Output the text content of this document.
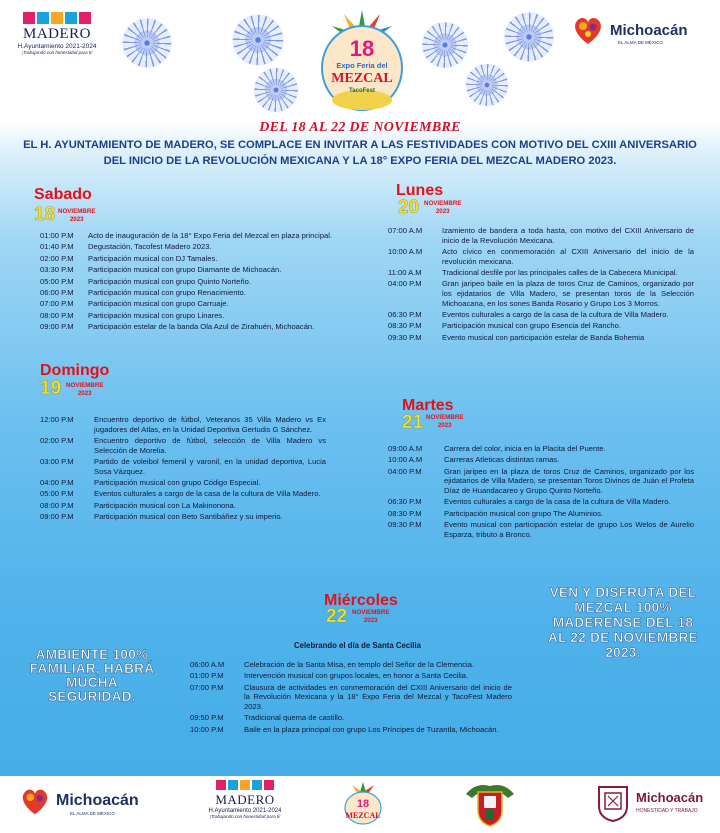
MADERO
H.Ayuntamiento 2021-2024
¡Trabajando con honestidad para ti!	18
Expo Feria del
MEZCAL
TacoFest
Michoacán
EL ALMA DE MÉXICO
DEL 18 AL 22 DE NOVIEMBRE
EL H. AYUNTAMIENTO DE MADERO, SE COMPLACE EN INVITAR A LAS FESTIVIDADES CON MOTIVO DEL CXIII ANIVERSARIO DEL INICIO DE LA REVOLUCIÓN MEXICANA Y LA 18° EXPO FERIA DEL MEZCAL MADERO 2023.
Sabado
18 NOVIEMBRE
2023
01:00 P.M	Acto de inauguración de la 18° Expo Feria del Mezcal en plaza principal.
01:40 P.M	Degustación, Tacofest Madero 2023.
02:00 P.M	Participación musical con DJ Tamales.
03:30 P.M	Participación musical con grupo Diamante de Michoacán.
05:00 P.M	Participación musical con grupo Quinto Norteño.
06:00 P.M	Participación musical con grupo Renacimiento.
07:00 P.M	Participación musical con grupo Carruaje.
08:00 P.M	Participación musical con grupo Linares.
09:00 P.M	Participación estelar de la banda Ola Azul de Zirahuén, Michoacán.
Domingo
19 NOVIEMBRE
2023
12:00 P.M	Encuentro deportivo de fútbol, Veteranos 35 Villa Madero vs Ex jugadores del Atlas, en la Unidad Deportiva Gertudis G Sánchez.
02:00 P.M	Encuentro deportivo de fútbol, selección de Villa Madero vs Selección de Morelia.
03:00 P.M	Partido de voleibol femenil y varonil, en la unidad deportiva, Lucia Sosa Vázquez.
04:00 P.M	Participación musical con grupo Código Especial.
05:00 P.M	Eventos culturales a cargo de la casa de la cultura de Villa Madero.
08:00 P.M	Participación musical con La Makinonona.
09:00 P.M	Participación musical con Beto Santibáñez y su imperio.
Lunes
20 NOVIEMBRE
2023
07:00 A.M	Izamiento de bandera a toda hasta, con motivo del CXIII Aniversario de inicio de la Revolución Mexicana.
10:00 A.M	Acto cívico en conmemoración al CXIII Aniversario del inicio de la revolución mexicana.
11:00 A.M	Tradicional desfile por las principales calles de la Cabecera Municipal.
04:00 P.M	Gran jaripeo baile en la plaza de toros Cruz de Caminos, organizado por los ejidatarios de Villa Madero, se presentan toros de la Selección Michoacana, en los sones Banda Rosario y Grupo Los 3 Morros.
06:30 P.M	Eventos culturales a cargo de la casa de la cultura de Villa Madero.
08:30 P.M	Participación musical con grupo Esencia del Rancho.
09:30 P.M	Evento musical con participación estelar de Banda Bohemia
Martes
21 NOVIEMBRE
2023
09:00 A.M	Carrera del color, inicia en la Placita del Puente.
10:00 A.M	Carreras Atleticas distintas ramas.
04:00 P.M	Gran jaripeo en la plaza de toros Cruz de Caminos, organizado por los ejidatarios de Villa Madero, se presentan Toros Divinos de Juán el Profeta Díaz de Huandacareo y Grupo Quinto Norteño.
06:30 P.M	Eventos culturales a cargo de la casa de la cultura de Villa Madero.
08:30 P.M	Participación musical con grupo The Aluminios.
09:30 P.M	Evento musical con participación estelar de grupo Los Welos de Aurelio Esparza, tributo a Bronco.
Miércoles
22 NOVIEMBRE
2023
Celebrando el día de Santa Cecilia
06:00 A.M	Celebración de la Santa Misa, en templo del Señor de la Clemencia.
01:00 P.M	Intervención musical con grupos locales, en honor a Santa Cecilia.
07:00 P.M	Clausura de actividades en conmemoración del CXIII Aniversario del inicio de la Revolución Mexicana y la 18° Expo Feria del Mezcal y TacoFest Madero 2023.
09:50 P.M	Tradicional quema de castillo.
10:00 P.M	Baile en la plaza principal con grupo Los Príncipes de Tuzantla, Michoacán.
AMBIENTE 100% FAMILIAR, HABRÁ MUCHA SEGURIDAD.
VEN Y DISFRUTA DEL MEZCAL 100% MADERENSE DEL 18 AL 22 DE NOVIEMBRE 2023.
Michoacán
EL ALMA DE MÉXICO
MADERO
H.Ayuntamiento 2021-2024
¡Trabajando con honestidad para ti!
18
MEZCAL
Michoacán
HONESTIDAD Y TRABAJO
